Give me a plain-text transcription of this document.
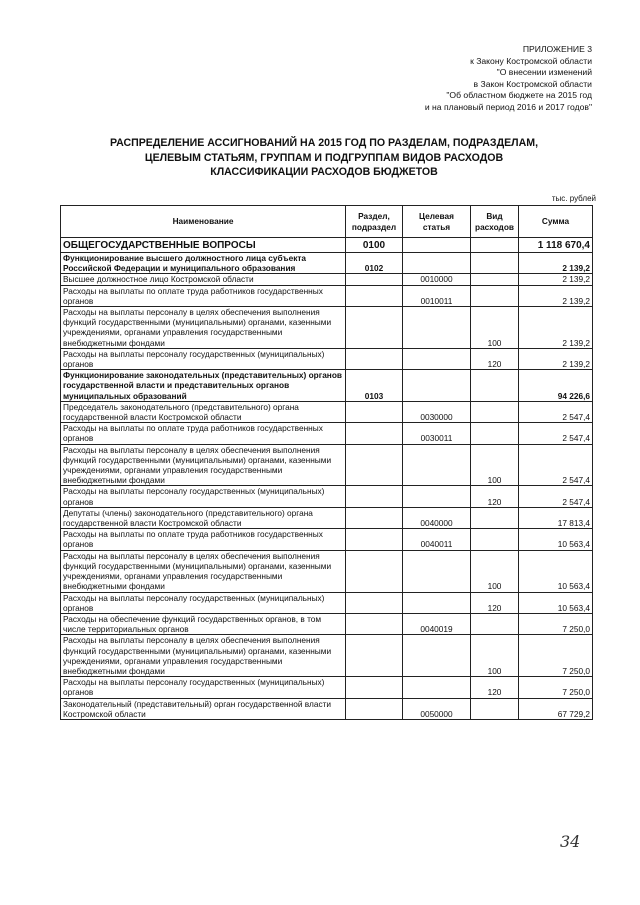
ПРИЛОЖЕНИЕ 3
к Закону Костромской области
"О внесении изменений
в Закон Костромской области
"Об областном бюджете на 2015 год
и на плановый период 2016 и 2017 годов"
РАСПРЕДЕЛЕНИЕ АССИГНОВАНИЙ НА 2015 ГОД ПО РАЗДЕЛАМ, ПОДРАЗДЕЛАМ,
ЦЕЛЕВЫМ СТАТЬЯМ, ГРУППАМ И ПОДГРУППАМ ВИДОВ РАСХОДОВ
КЛАССИФИКАЦИИ РАСХОДОВ БЮДЖЕТОВ
тыс. рублей
Наименование	Раздел, подраздел	Целевая статья	Вид расходов	Сумма
ОБЩЕГОСУДАРСТВЕННЫЕ ВОПРОСЫ	0100			1 118 670,4
Функционирование высшего должностного лица субъекта Российской Федерации и муниципального образования	0102			2 139,2
Высшее должностное лицо Костромской области		0010000		2 139,2
Расходы на выплаты по оплате труда работников государственных органов		0010011		2 139,2
Расходы на выплаты персоналу в целях обеспечения выполнения функций государственными (муниципальными) органами, казенными учреждениями, органами управления государственными внебюджетными фондами			100	2 139,2
Расходы на выплаты персоналу государственных (муниципальных) органов			120	2 139,2
Функционирование законодательных (представительных) органов государственной власти и представительных органов муниципальных образований	0103			94 226,6
Председатель законодательного (представительного) органа государственной власти Костромской области		0030000		2 547,4
Расходы на выплаты по оплате труда работников государственных органов		0030011		2 547,4
Расходы на выплаты персоналу в целях обеспечения выполнения функций государственными (муниципальными) органами, казенными учреждениями, органами управления государственными внебюджетными фондами			100	2 547,4
Расходы на выплаты персоналу государственных (муниципальных) органов			120	2 547,4
Депутаты (члены) законодательного (представительного) органа государственной власти Костромской области		0040000		17 813,4
Расходы на выплаты по оплате труда работников государственных органов		0040011		10 563,4
Расходы на выплаты персоналу в целях обеспечения выполнения функций государственными (муниципальными) органами, казенными учреждениями, органами управления государственными внебюджетными фондами			100	10 563,4
Расходы на выплаты персоналу государственных (муниципальных) органов			120	10 563,4
Расходы на обеспечение функций государственных органов, в том числе территориальных органов		0040019		7 250,0
Расходы на выплаты персоналу в целях обеспечения выполнения функций государственными (муниципальными) органами, казенными учреждениями, органами управления государственными внебюджетными фондами			100	7 250,0
Расходы на выплаты персоналу государственных (муниципальных) органов			120	7 250,0
Законодательный (представительный) орган государственной власти Костромской области		0050000		67 729,2
34
